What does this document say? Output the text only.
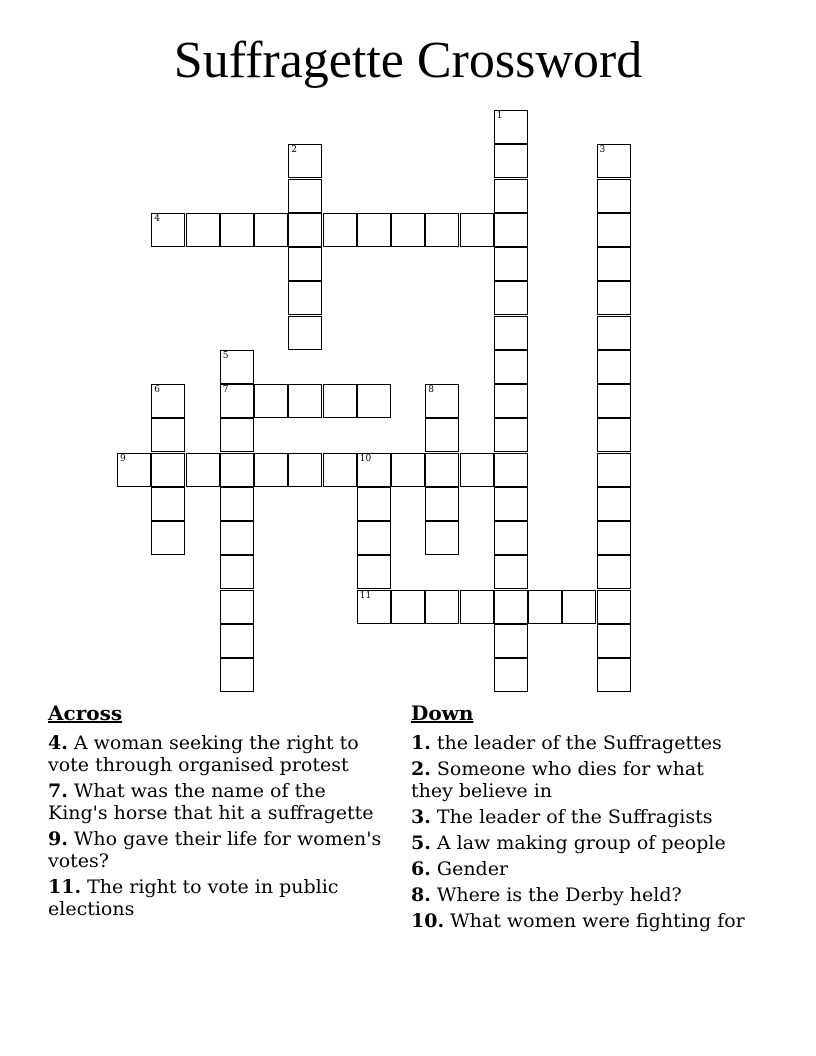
Suffragette Crossword
1
2	3
4
5
7
6	8
9	10
11
Across
4. A woman seeking the right to vote through organised protest
7. What was the name of the King's horse that hit a suffragette
9. Who gave their life for women's votes?
11. The right to vote in public elections
Down
1. the leader of the Suffragettes
2. Someone who dies for what they believe in
3. The leader of the Suffragists
5. A law making group of people
6. Gender
8. Where is the Derby held?
10. What women were fighting for
